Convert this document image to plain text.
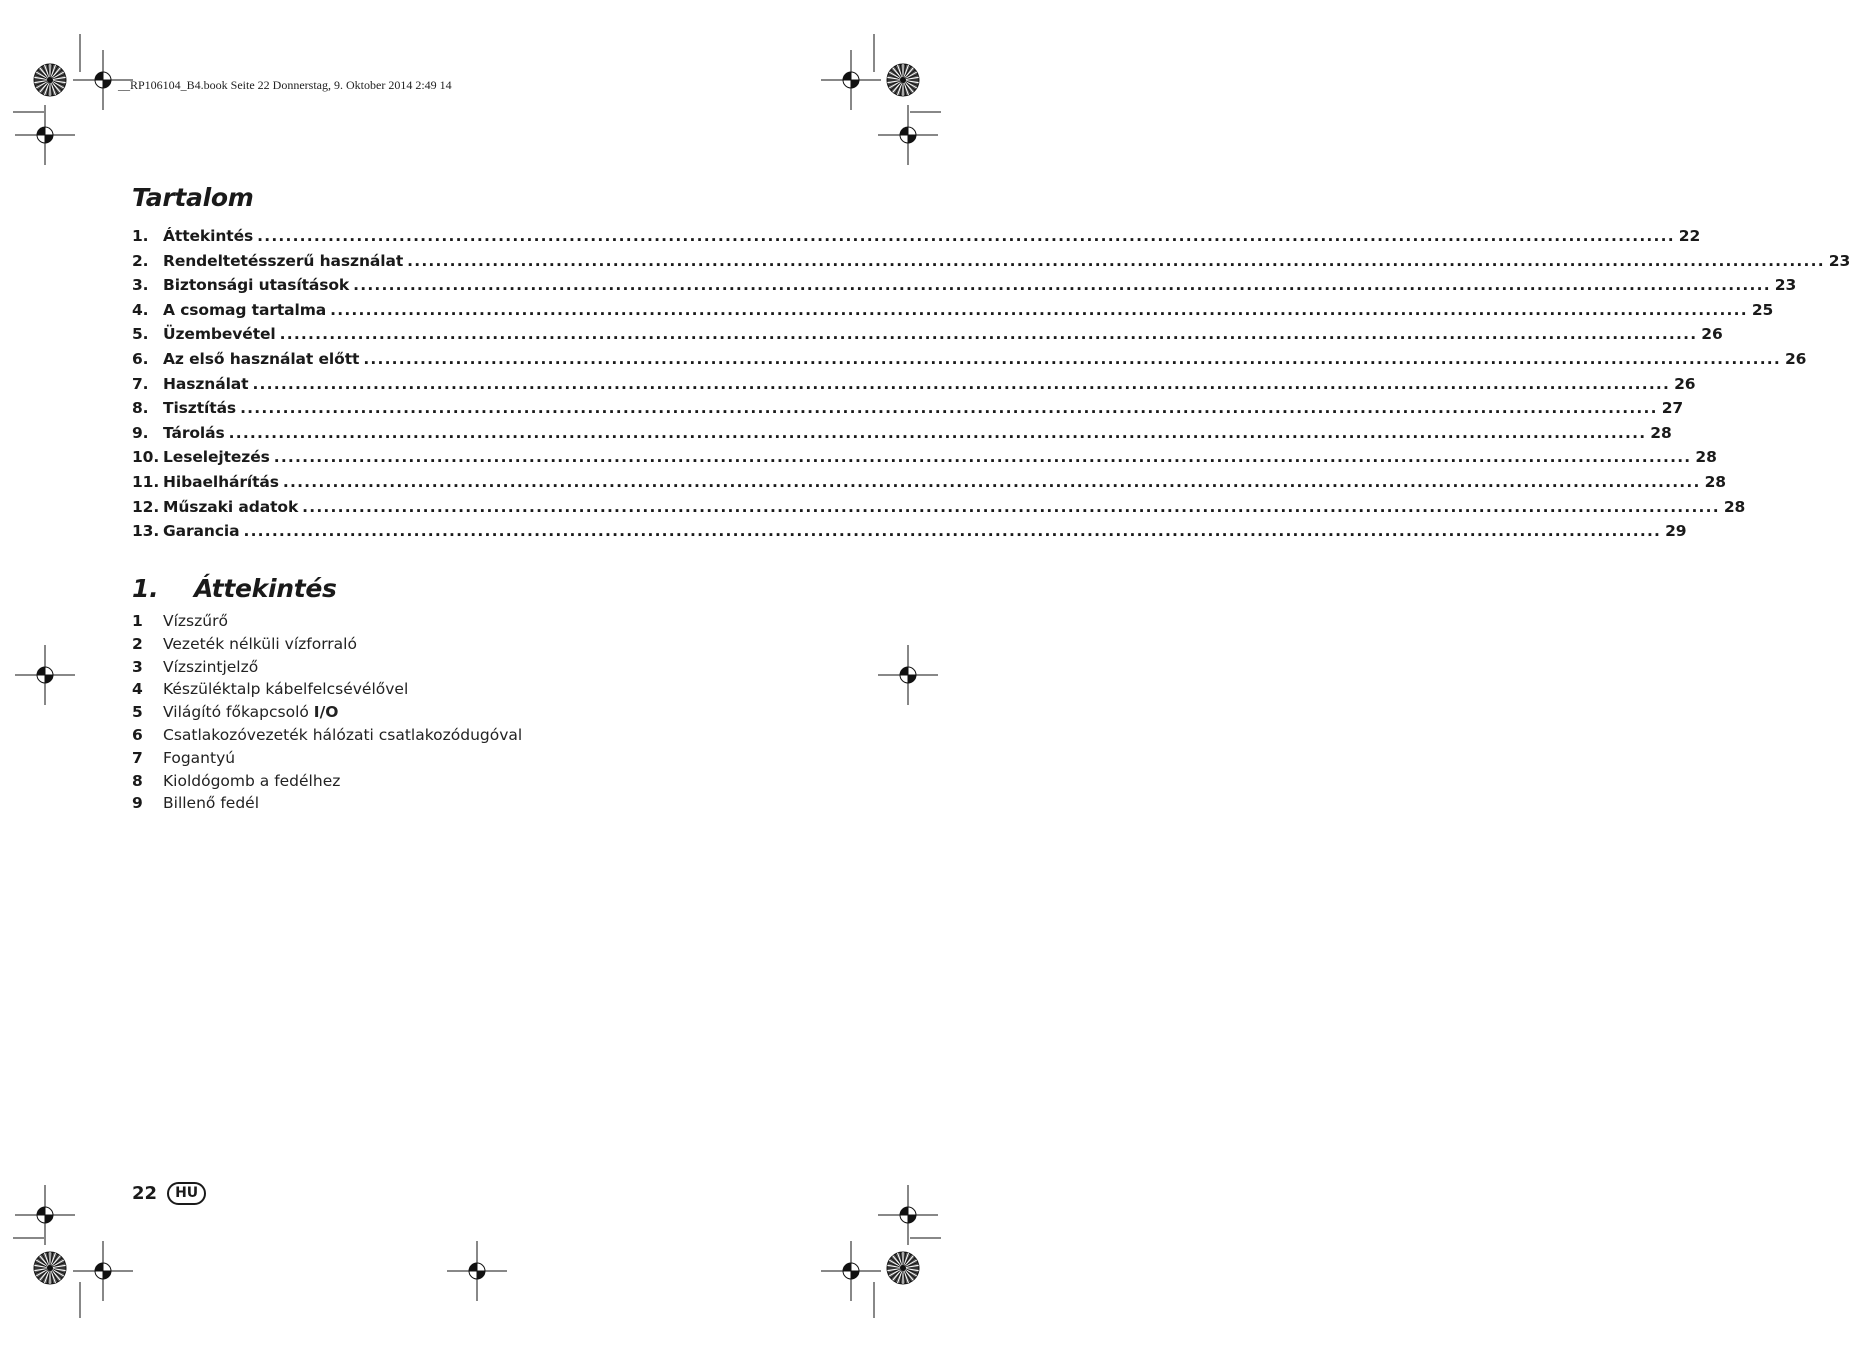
__RP106104_B4.book Seite 22 Donnerstag, 9. Oktober 2014 2:49 14
Tartalom
1. Áttekintés ........................................................................................................................................................................................................ 22
2. Rendeltetésszerű használat ........................................................................................................................................................................................................ 23
3. Biztonsági utasítások ........................................................................................................................................................................................................ 23
4. A csomag tartalma ........................................................................................................................................................................................................ 25
5. Üzembevétel ........................................................................................................................................................................................................ 26
6. Az első használat előtt ........................................................................................................................................................................................................ 26
7. Használat ........................................................................................................................................................................................................ 26
8. Tisztítás ........................................................................................................................................................................................................ 27
9. Tárolás ........................................................................................................................................................................................................ 28
10. Leselejtezés ........................................................................................................................................................................................................ 28
11. Hibaelhárítás ........................................................................................................................................................................................................ 28
12. Műszaki adatok ........................................................................................................................................................................................................ 28
13. Garancia ........................................................................................................................................................................................................ 29
1. Áttekintés
1	Vízszűrő
2	Vezeték nélküli vízforraló
3	Vízszintjelző
4	Készüléktalp kábelfelcsévélővel
5	Világító főkapcsoló I/O
6	Csatlakozóvezeték hálózati csatlakozódugóval
7	Fogantyú
8	Kioldógomb a fedélhez
9	Billenő fedél
22	HU
